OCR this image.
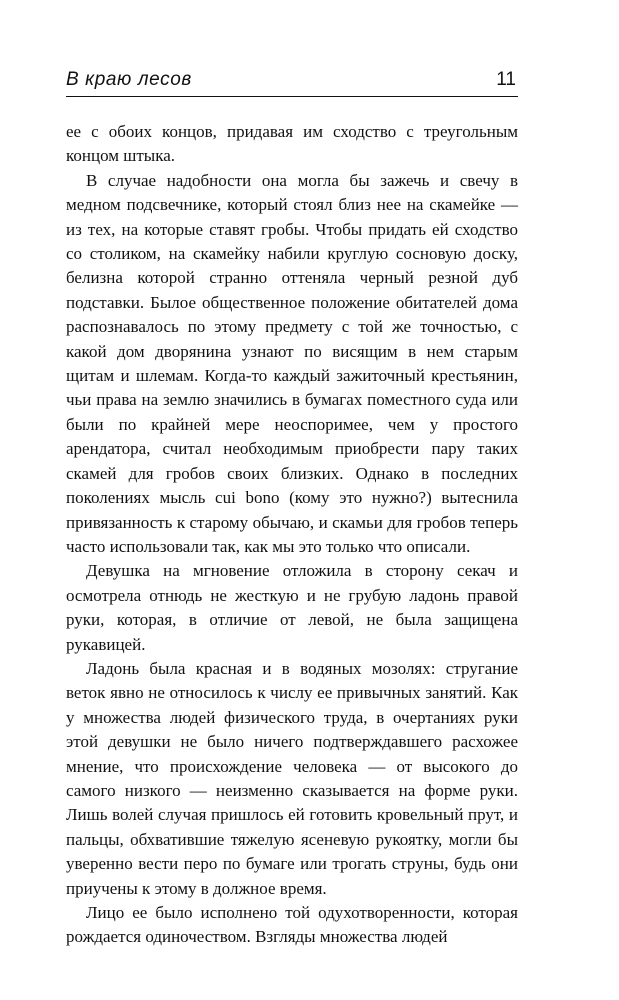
В краю лесов	11

ее с обоих концов, придавая им сходство с треугольным концом штыка.

В случае надобности она могла бы зажечь и свечу в медном подсвечнике, который стоял близ нее на скамейке — из тех, на которые ставят гробы. Чтобы придать ей сходство со столиком, на скамейку набили круглую сосновую доску, белизна которой странно оттеняла черный резной дуб подставки. Былое общественное положение обитателей дома распознавалось по этому предмету с той же точностью, с какой дом дворянина узнают по висящим в нем старым щитам и шлемам. Когда-то каждый зажиточный крестьянин, чьи права на землю значились в бумагах поместного суда или были по крайней мере неоспоримее, чем у простого арендатора, считал необходимым приобрести пару таких скамей для гробов своих близких. Однако в последних поколениях мысль cui bono (кому это нужно?) вытеснила привязанность к старому обычаю, и скамьи для гробов теперь часто использовали так, как мы это только что описали.

Девушка на мгновение отложила в сторону секач и осмотрела отнюдь не жесткую и не грубую ладонь правой руки, которая, в отличие от левой, не была защищена рукавицей.

Ладонь была красная и в водяных мозолях: стругание веток явно не относилось к числу ее привычных занятий. Как у множества людей физического труда, в очертаниях руки этой девушки не было ничего подтверждавшего расхожее мнение, что происхождение человека — от высокого до самого низкого — неизменно сказывается на форме руки. Лишь волей случая пришлось ей готовить кровельный прут, и пальцы, обхватившие тяжелую ясеневую рукоятку, могли бы уверенно вести перо по бумаге или трогать струны, будь они приучены к этому в должное время.

Лицо ее было исполнено той одухотворенности, которая рождается одиночеством. Взгляды множества людей
